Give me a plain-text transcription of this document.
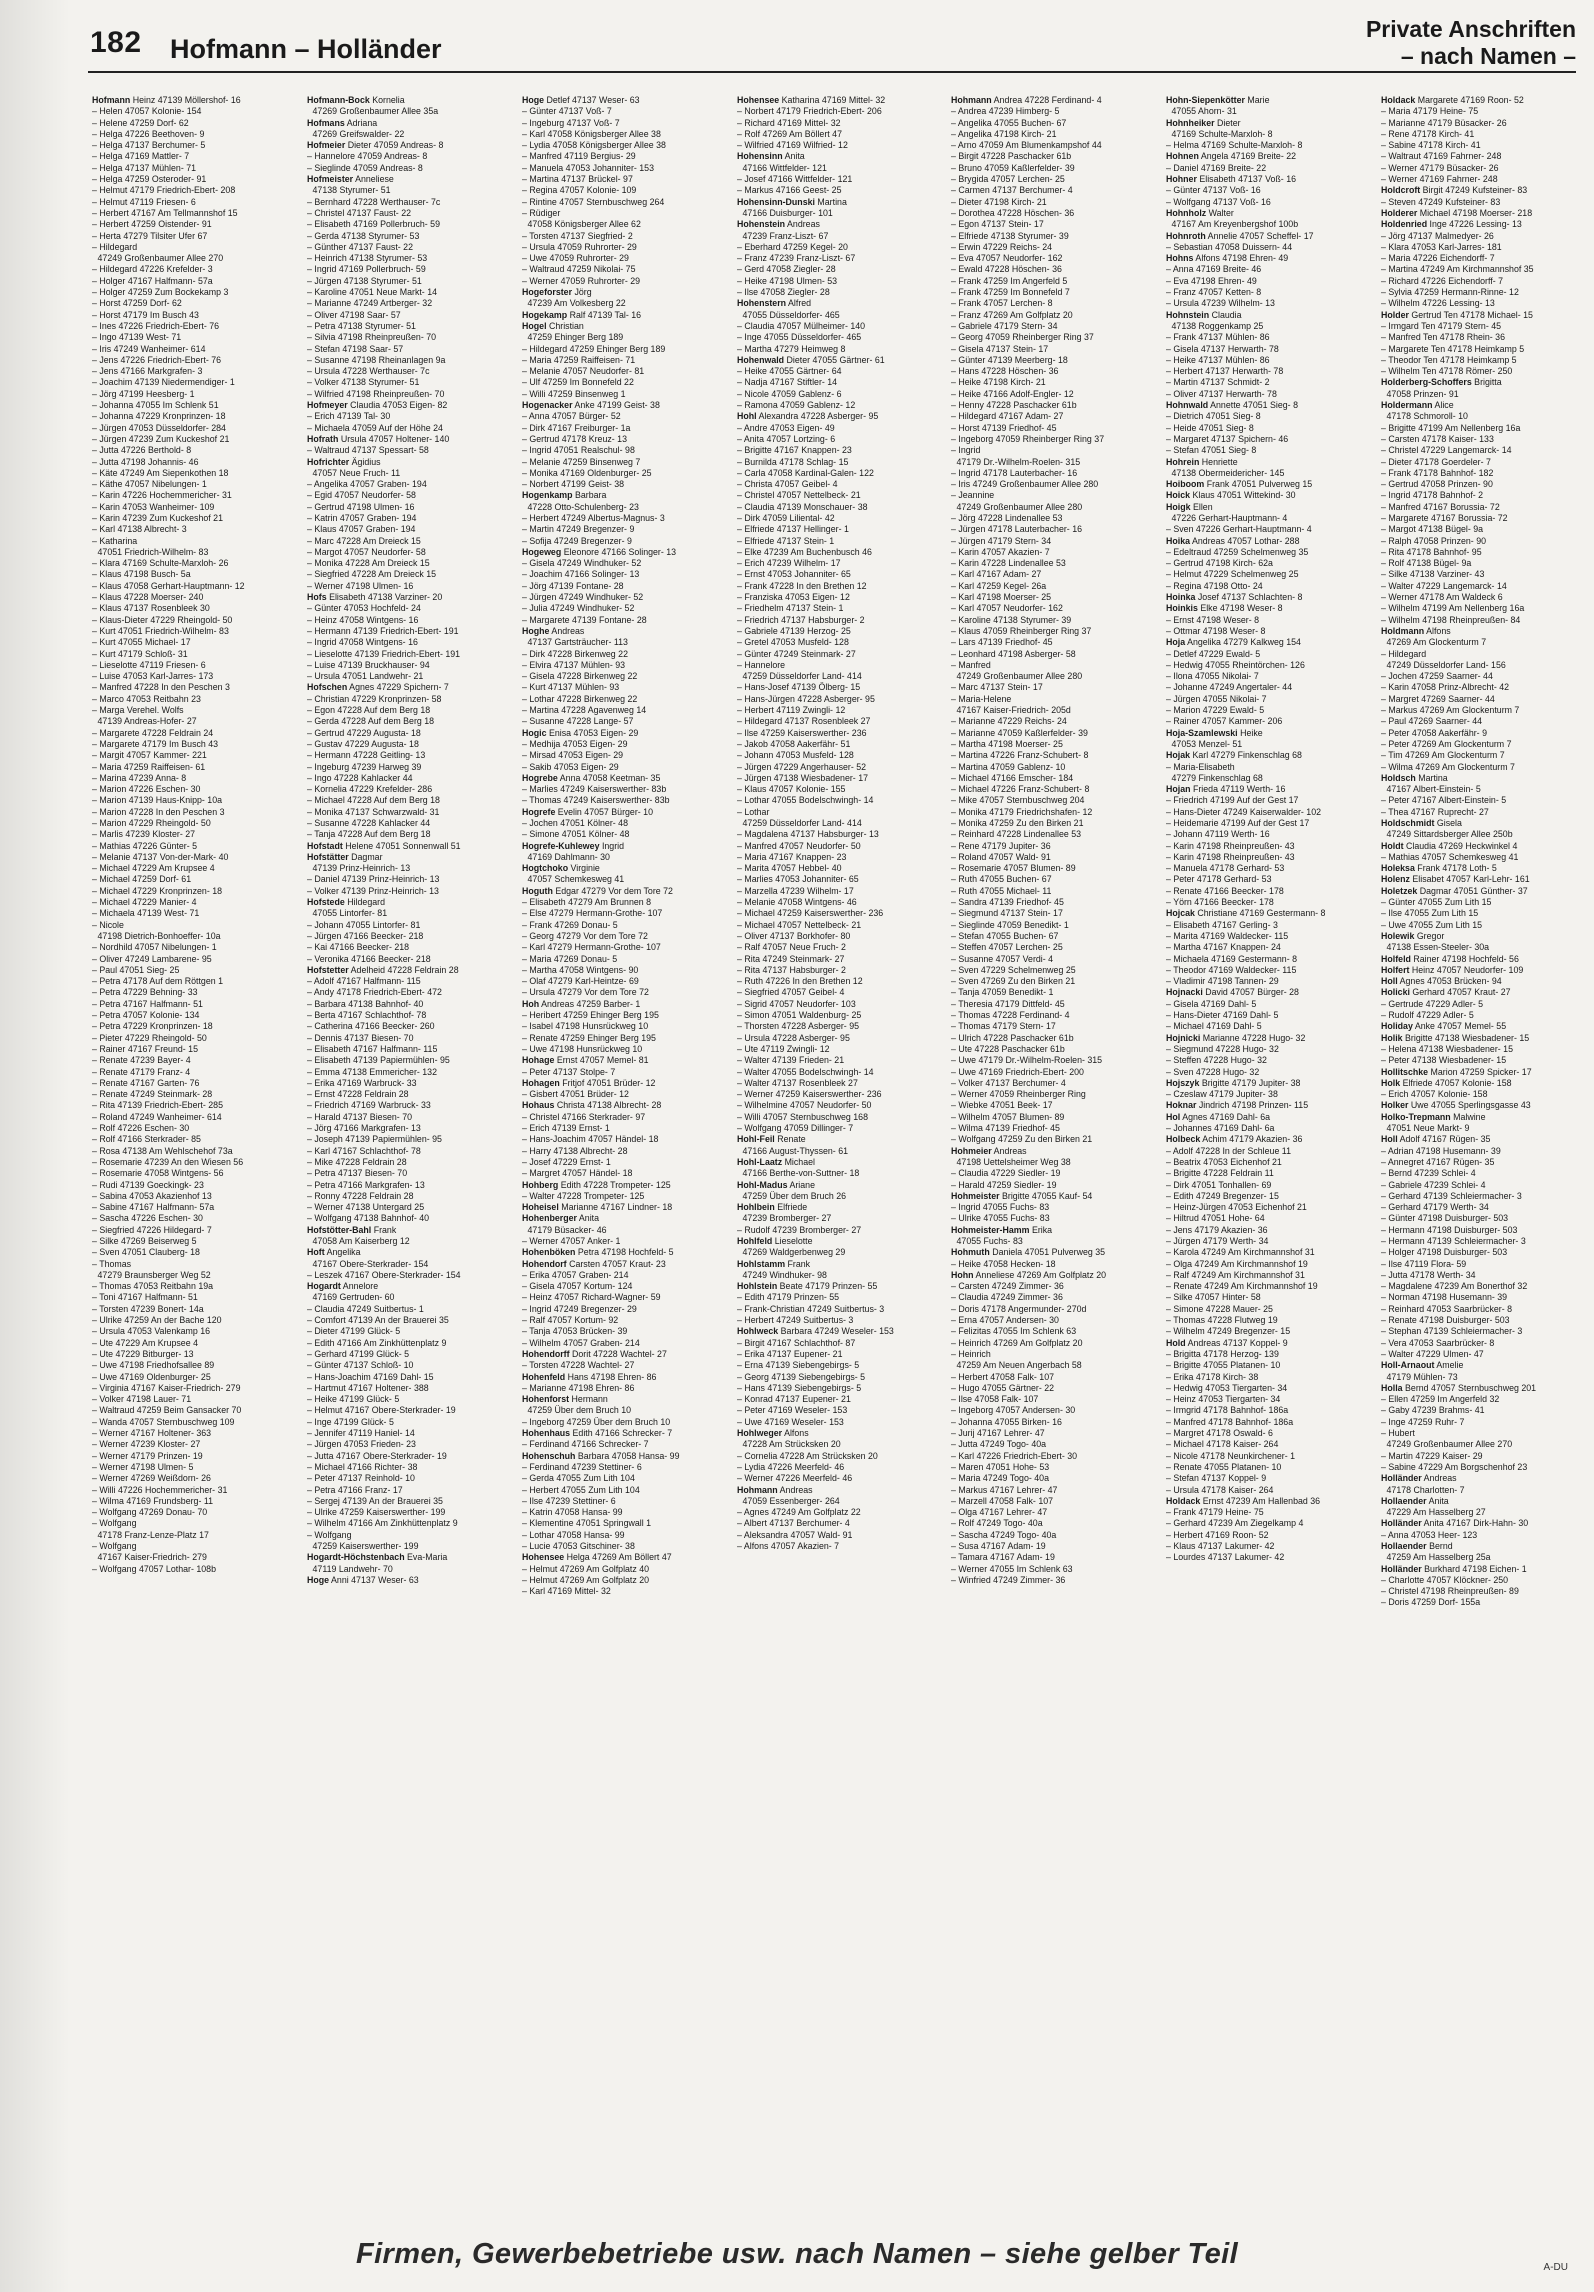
182 Hofmann – Holländer
Private Anschriften
– nach Namen –
Hofmann Heinz 47139 Möllershof- 16
– Helen 47057 Kolonie- 154
– Helene 47259 Dorf- 62
– Helga 47226 Beethoven- 9
– Helga 47137 Berchumer- 5
– Helga 47169 Mattler- 7
– Helga 47137 Mühlen- 71
– Helga 47259 Osteroder- 91
– Helmut 47179 Friedrich-Ebert- 208
– Helmut 47119 Friesen- 6
– Herbert 47167 Am Tellmannshof 15
– Herbert 47259 Oistender- 91
– Herta 47279 Tilsiter Ufer 67
– Hildegard
47249 Großenbaumer Allee 270
– Hildegard 47226 Krefelder- 3
– Holger 47167 Halfmann- 57a
– Holger 47259 Zum Bockekamp 3
– Horst 47259 Dorf- 62
– Horst 47179 Im Busch 43
– Ines 47226 Friedrich-Ebert- 76
– Ingo 47139 West- 71
– Iris 47249 Wanheimer- 614
– Jens 47226 Friedrich-Ebert- 76
– Jens 47166 Markgrafen- 3
– Joachim 47139 Niedermendiger- 1
– Jörg 47199 Heesberg- 1
– Johanna 47055 Im Schlenk 51
– Johanna 47229 Kronprinzen- 18
– Jürgen 47053 Düsseldorfer- 284
– Jürgen 47239 Zum Kuckeshof 21
– Jutta 47226 Berthold- 8
– Jutta 47198 Johannis- 46
– Käte 47249 Am Siepenkothen 18
– Käthe 47057 Nibelungen- 1
– Karin 47226 Hochemmericher- 31
– Karin 47053 Wanheimer- 109
– Karin 47239 Zum Kuckeshof 21
– Karl 47138 Albrecht- 3
– Katharina
47051 Friedrich-Wilhelm- 83
– Klara 47169 Schulte-Marxloh- 26
– Klaus 47198 Busch- 5a
– Klaus 47058 Gerhart-Hauptmann- 12
– Klaus 47228 Moerser- 240
– Klaus 47137 Rosenbleek 30
– Klaus-Dieter 47229 Rheingold- 50
– Kurt 47051 Friedrich-Wilhelm- 83
– Kurt 47055 Michael- 17
– Kurt 47179 Schloß- 31
– Lieselotte 47119 Friesen- 6
– Luise 47053 Karl-Jarres- 173
– Manfred 47228 In den Peschen 3
– Marco 47053 Reitbahn 23
– Marga Verehel. Wolfs
47139 Andreas-Hofer- 27
– Margarete 47228 Feldrain 24
– Margarete 47179 Im Busch 43
– Margit 47057 Kammer- 221
– Maria 47259 Raiffeisen- 61
– Marina 47239 Anna- 8
– Marion 47226 Eschen- 30
– Marion 47139 Haus-Knipp- 10a
– Marion 47228 In den Peschen 3
– Marion 47229 Rheingold- 50
– Marlis 47239 Kloster- 27
– Mathias 47226 Günter- 5
– Melanie 47137 Von-der-Mark- 40
– Michael 47229 Am Krupsee 4
– Michael 47259 Dorf- 61
– Michael 47229 Kronprinzen- 18
– Michael 47229 Manier- 4
– Michaela 47139 West- 71
– Nicole
47198 Dietrich-Bonhoeffer- 10a
– Nordhild 47057 Nibelungen- 1
– Oliver 47249 Lambarene- 95
– Paul 47051 Sieg- 25
– Petra 47178 Auf dem Röttgen 1
– Petra 47229 Behning- 33
– Petra 47167 Halfmann- 51
– Petra 47057 Kolonie- 134
– Petra 47229 Kronprinzen- 18
– Pieter 47229 Rheingold- 50
– Rainer 47167 Freund- 15
– Renate 47239 Bayer- 4
– Renate 47179 Franz- 4
– Renate 47167 Garten- 76
– Renate 47249 Steinmark- 28
– Rita 47139 Friedrich-Ebert- 285
– Roland 47249 Wanheimer- 614
– Rolf 47226 Eschen- 30
– Rolf 47166 Sterkrader- 85
– Rosa 47138 Am Wehlschehof 73a
– Rosemarie 47239 An den Wiesen 56
– Rosemarie 47058 Wintgens- 56
– Rudi 47139 Goeckingk- 23
– Sabina 47053 Akazienhof 13
– Sabine 47167 Halfmann- 57a
– Sascha 47226 Eschen- 30
– Siegfried 47226 Hildegard- 7
– Silke 47269 Beiserweg 5
– Sven 47051 Clauberg- 18
– Thomas
47279 Braunsberger Weg 52
– Thomas 47053 Reitbahn 19a
– Toni 47167 Halfmann- 51
– Torsten 47239 Bonert- 14a
– Ulrike 47259 An der Bache 120
– Ursula 47053 Valenkamp 16
– Ute 47229 Am Krupsee 4
– Ute 47229 Bitburger- 13
– Uwe 47198 Friedhofsallee 89
– Uwe 47169 Oldenburger- 25
– Virginia 47167 Kaiser-Friedrich- 279
– Volker 47198 Lauer- 71
– Waltraud 47259 Beim Gansacker 70
– Wanda 47057 Sternbuschweg 109
– Werner 47167 Holtener- 363
– Werner 47239 Kloster- 27
– Werner 47179 Prinzen- 19
– Werner 47198 Ulmen- 5
– Werner 47269 Weißdorn- 26
– Willi 47226 Hochemmericher- 31
– Wilma 47169 Frundsberg- 11
– Wolfgang 47269 Donau- 70
– Wolfgang
47178 Franz-Lenze-Platz 17
– Wolfgang
47167 Kaiser-Friedrich- 279
– Wolfgang 47057 Lothar- 108b
Hofmann-Bock Kornelia
47269 Großenbaumer Allee 35a
Hofmans Adriana
47269 Greifswalder- 22
Hofmeier Dieter 47059 Andreas- 8
– Hannelore 47059 Andreas- 8
– Sieglinde 47059 Andreas- 8
Hofmeister Anneliese
47138 Styrumer- 51
– Bernhard 47228 Werthauser- 7c
– Christel 47137 Faust- 22
– Elisabeth 47169 Pollerbruch- 59
– Gerda 47138 Styrumer- 53
– Günther 47137 Faust- 22
– Heinrich 47138 Styrumer- 53
– Ingrid 47169 Pollerbruch- 59
– Jürgen 47138 Styrumer- 51
– Karoline 47051 Neue Markt- 14
– Marianne 47249 Artberger- 32
– Oliver 47198 Saar- 57
– Petra 47138 Styrumer- 51
– Silvia 47198 Rheinpreußen- 70
– Stefan 47198 Saar- 57
– Susanne 47198 Rheinanlagen 9a
– Ursula 47228 Werthauser- 7c
– Volker 47138 Styrumer- 51
– Wilfried 47198 Rheinpreußen- 70
Hofmeyer Claudia 47053 Eigen- 82
– Erich 47139 Tal- 30
– Michaela 47059 Auf der Höhe 24
Hofrath Ursula 47057 Holtener- 140
– Waltraud 47137 Spessart- 58
Hofrichter Ägidius
47057 Neue Fruch- 11
– Angelika 47057 Graben- 194
– Egid 47057 Neudorfer- 58
– Gertrud 47198 Ulmen- 16
– Katrin 47057 Graben- 194
– Klaus 47057 Graben- 194
– Marc 47228 Am Dreieck 15
– Margot 47057 Neudorfer- 58
– Monika 47228 Am Dreieck 15
– Siegfried 47228 Am Dreieck 15
– Werner 47198 Ulmen- 16
Hofs Elisabeth 47138 Varziner- 20
– Günter 47053 Hochfeld- 24
– Heinz 47058 Wintgens- 16
– Hermann 47139 Friedrich-Ebert- 191
– Ingrid 47058 Wintgens- 16
– Lieselotte 47139 Friedrich-Ebert- 191
– Luise 47139 Bruckhauser- 94
– Ursula 47051 Landwehr- 21
Hofschen Agnes 47229 Spichern- 7
– Christian 47229 Kronprinzen- 58
– Egon 47228 Auf dem Berg 18
– Gerda 47228 Auf dem Berg 18
– Gertrud 47229 Augusta- 18
– Gustav 47229 Augusta- 18
– Hermann 47228 Geitling- 13
– Ingeburg 47239 Harweg 39
– Ingo 47228 Kahlacker 44
– Kornelia 47229 Krefelder- 286
– Michael 47228 Auf dem Berg 18
– Monika 47137 Schwarzwald- 31
– Susanne 47228 Kahlacker 44
– Tanja 47228 Auf dem Berg 18
Hofstadt Helene 47051 Sonnenwall 51
Hofstätter Dagmar
47139 Prinz-Heinrich- 13
– Daniel 47139 Prinz-Heinrich- 13
– Volker 47139 Prinz-Heinrich- 13
Hofstede Hildegard
47055 Lintorfer- 81
– Johann 47055 Lintorfer- 81
– Jürgen 47166 Beecker- 218
– Kai 47166 Beecker- 218
– Veronika 47166 Beecker- 218
Hofstetter Adelheid 47228 Feldrain 28
– Adolf 47167 Halfmann- 115
– Andy 47178 Friedrich-Ebert- 472
– Barbara 47138 Bahnhof- 40
– Berta 47167 Schlachthof- 78
– Catherina 47166 Beecker- 260
– Dennis 47137 Biesen- 70
– Elisabeth 47167 Halfmann- 115
– Elisabeth 47139 Papiermühlen- 95
– Emma 47138 Emmericher- 132
– Erika 47169 Warbruck- 33
– Ernst 47228 Feldrain 28
– Friedrich 47169 Warbruck- 33
– Harald 47137 Biesen- 70
– Jörg 47166 Markgrafen- 13
– Joseph 47139 Papiermühlen- 95
– Karl 47167 Schlachthof- 78
– Mike 47228 Feldrain 28
– Petra 47137 Biesen- 70
– Petra 47166 Markgrafen- 13
– Ronny 47228 Feldrain 28
– Werner 47138 Untergard 25
– Wolfgang 47138 Bahnhof- 40
Hofstötter-Bahl Frank
47058 Am Kaiserberg 12
Hoft Angelika
47167 Obere-Sterkrader- 154
– Leszek 47167 Obere-Sterkrader- 154
Hogardt Annelore
47169 Gertruden- 60
– Claudia 47249 Suitbertus- 1
– Comfort 47139 An der Brauerei 35
– Dieter 47199 Glück- 5
– Edith 47166 Am Zinkhüttenplatz 9
– Gerhard 47199 Glück- 5
– Günter 47137 Schloß- 10
– Hans-Joachim 47169 Dahl- 15
– Hartmut 47167 Holtener- 388
– Heike 47199 Glück- 5
– Helmut 47167 Obere-Sterkrader- 19
– Inge 47199 Glück- 5
– Jennifer 47119 Haniel- 14
– Jürgen 47053 Frieden- 23
– Jutta 47167 Obere-Sterkrader- 19
– Michael 47166 Richter- 38
– Peter 47137 Reinhold- 10
– Petra 47166 Franz- 17
– Sergej 47139 An der Brauerei 35
– Ulrike 47259 Kaiserswerther- 199
– Wilhelm 47166 Am Zinkhüttenplatz 9
– Wolfgang
47259 Kaiserswerther- 199
Hogardt-Höchstenbach Eva-Maria
47119 Landwehr- 70
Hoge Anni 47137 Weser- 63
Hoge Detlef 47137 Weser- 63
– Günter 47137 Voß- 7
– Ingeburg 47137 Voß- 7
– Karl 47058 Königsberger Allee 38
– Lydia 47058 Königsberger Allee 38
– Manfred 47119 Bergius- 29
– Manuela 47053 Johanniter- 153
– Martina 47137 Brückel- 97
– Regina 47057 Kolonie- 109
– Rintine 47057 Sternbuschweg 264
– Rüdiger
47058 Königsberger Allee 62
– Torsten 47137 Siegfried- 2
– Ursula 47059 Ruhrorter- 29
– Uwe 47059 Ruhrorter- 29
– Waltraud 47259 Nikolai- 75
– Werner 47059 Ruhrorter- 29
Hogeforster Jörg
47239 Am Volkesberg 22
Hogekamp Ralf 47139 Tal- 16
Hogel Christian
47259 Ehinger Berg 189
– Hildegard 47259 Ehinger Berg 189
– Maria 47259 Raiffeisen- 71
– Melanie 47057 Neudorfer- 81
– Ulf 47259 Im Bonnefeld 22
– Willi 47259 Binsenweg 1
Hogenacker Anke 47199 Geist- 38
– Anna 47057 Bürger- 52
– Dirk 47167 Freiburger- 1a
– Gertrud 47178 Kreuz- 13
– Ingrid 47051 Realschul- 98
– Melanie 47259 Binsenweg 7
– Monika 47169 Oldenburger- 25
– Norbert 47199 Geist- 38
Hogenkamp Barbara
47228 Otto-Schulenberg- 23
– Herbert 47249 Albertus-Magnus- 3
– Martin 47249 Bregenzer- 9
– Sofija 47249 Bregenzer- 9
Hogeweg Eleonore 47166 Solinger- 13
– Gisela 47249 Windhuker- 52
– Joachim 47166 Solinger- 13
– Jörg 47139 Fontane- 28
– Jürgen 47249 Windhuker- 52
– Julia 47249 Windhuker- 52
– Margarete 47139 Fontane- 28
Hoghe Andreas
47137 Gartsträucher- 113
– Dirk 47228 Birkenweg 22
– Elvira 47137 Mühlen- 93
– Gisela 47228 Birkenweg 22
– Kurt 47137 Mühlen- 93
– Lothar 47228 Birkenweg 22
– Martina 47228 Agavenweg 14
– Susanne 47228 Lange- 57
Hogic Enisa 47053 Eigen- 29
– Medhija 47053 Eigen- 29
– Mirsad 47053 Eigen- 29
– Sakib 47053 Eigen- 29
Hogrebe Anna 47058 Keetman- 35
– Marlies 47249 Kaiserswerther- 83b
– Thomas 47249 Kaiserswerther- 83b
Hogrefe Evelin 47057 Bürger- 10
– Jochen 47051 Kölner- 48
– Simone 47051 Kölner- 48
Hogrefe-Kuhlewey Ingrid
47169 Dahlmann- 30
Hogtchoko Virginie
47057 Schemkesweg 41
Hoguth Edgar 47279 Vor dem Tore 72
– Elisabeth 47279 Am Brunnen 8
– Else 47279 Hermann-Grothe- 107
– Frank 47269 Donau- 5
– Georg 47279 Vor dem Tore 72
– Karl 47279 Hermann-Grothe- 107
– Maria 47269 Donau- 5
– Martha 47058 Wintgens- 90
– Olaf 47279 Karl-Heintze- 69
– Ursula 47279 Vor dem Tore 72
Hoh Andreas 47259 Barber- 1
– Heribert 47259 Ehinger Berg 195
– Isabel 47198 Hunsrückweg 10
– Renate 47259 Ehinger Berg 195
– Uwe 47198 Hunsrückweg 10
Hohage Ernst 47057 Memel- 81
– Peter 47137 Stolpe- 7
Hohagen Fritjof 47051 Brüder- 12
– Gisbert 47051 Brüder- 12
Hohaus Christa 47138 Albrecht- 28
– Christel 47166 Sterkrader- 97
– Erich 47139 Ernst- 1
– Hans-Joachim 47057 Händel- 18
– Harry 47138 Albrecht- 28
– Josef 47229 Ernst- 1
– Margret 47057 Händel- 18
Hohberg Edith 47228 Trompeter- 125
– Walter 47228 Trompeter- 125
Hoheisel Marianne 47167 Lindner- 18
Hohenberger Anita
47179 Büsacker- 46
– Werner 47057 Anker- 1
Hohenböken Petra 47198 Hochfeld- 5
Hohendorf Carsten 47057 Kraut- 23
– Erika 47057 Graben- 214
– Gisela 47057 Kortum- 124
– Heinz 47057 Richard-Wagner- 59
– Ingrid 47249 Bregenzer- 29
– Ralf 47057 Kortum- 92
– Tanja 47053 Brücken- 39
– Wilhelm 47057 Graben- 214
Hohendorff Dorit 47228 Wachtel- 27
– Torsten 47228 Wachtel- 27
Hohenfeld Hans 47198 Ehren- 86
– Marianne 47198 Ehren- 86
Hohenforst Hermann
47259 Über dem Bruch 10
– Ingeborg 47259 Über dem Bruch 10
Hohenhaus Edith 47166 Schrecker- 7
– Ferdinand 47166 Schrecker- 7
Hohenschuh Barbara 47058 Hansa- 99
– Ferdinand 47239 Stettiner- 6
– Gerda 47055 Zum Lith 104
– Herbert 47055 Zum Lith 104
– Ilse 47239 Stettiner- 6
– Katrin 47058 Hansa- 99
– Klementine 47051 Springwall 1
– Lothar 47058 Hansa- 99
– Lucie 47053 Gitschiner- 38
Hohensee Helga 47269 Am Böllert 47
– Helmut 47269 Am Golfplatz 40
– Helmut 47269 Am Golfplatz 20
– Karl 47169 Mittel- 32
Hohensee Katharina 47169 Mittel- 32
– Norbert 47179 Friedrich-Ebert- 206
– Richard 47169 Mittel- 32
– Rolf 47269 Am Böllert 47
– Wilfried 47169 Wilfried- 12
Hohensinn Anita
47166 Wittfelder- 121
– Josef 47166 Wittfelder- 121
– Markus 47166 Geest- 25
Hohensinn-Dunski Martina
47166 Duisburger- 101
Hohenstein Andreas
47239 Franz-Liszt- 67
– Eberhard 47259 Kegel- 20
– Franz 47239 Franz-Liszt- 67
– Gerd 47058 Ziegler- 28
– Heike 47198 Ulmen- 53
– Ilse 47058 Ziegler- 28
Hohenstern Alfred
47055 Düsseldorfer- 465
– Claudia 47057 Mülheimer- 140
– Inge 47055 Düsseldorfer- 465
– Martha 47279 Heimweg 8
Hohenwald Dieter 47055 Gärtner- 61
– Heike 47055 Gärtner- 64
– Nadja 47167 Stiftler- 14
– Nicole 47059 Gablenz- 6
– Ramona 47059 Gablenz- 12
Hohl Alexandra 47228 Asberger- 95
– Andre 47053 Eigen- 49
– Anita 47057 Lortzing- 6
– Brigitte 47167 Knappen- 23
– Burnilda 47178 Schlag- 15
– Carla 47058 Kardinal-Galen- 122
– Christa 47057 Geibel- 4
– Christel 47057 Nettelbeck- 21
– Claudia 47139 Monschauer- 38
– Dirk 47059 Liliental- 42
– Elfriede 47137 Hellinger- 1
– Elfriede 47137 Stein- 1
– Elke 47239 Am Buchenbusch 46
– Erich 47239 Wilhelm- 17
– Ernst 47053 Johanniter- 65
– Frank 47228 In den Brethen 12
– Franziska 47053 Eigen- 12
– Friedhelm 47137 Stein- 1
– Friedrich 47137 Habsburger- 2
– Gabriele 47139 Herzog- 25
– Gretel 47053 Musfeld- 128
– Günter 47249 Steinmark- 27
– Hannelore
47259 Düsseldorfer Land- 414
– Hans-Josef 47139 Ölberg- 15
– Hans-Jürgen 47228 Asberger- 95
– Herbert 47119 Zwingli- 12
– Hildegard 47137 Rosenbleek 27
– Ilse 47259 Kaiserswerther- 236
– Jakob 47058 Aakerfähr- 51
– Johann 47053 Musfeld- 128
– Jürgen 47229 Angerhauser- 52
– Jürgen 47138 Wiesbadener- 17
– Klaus 47057 Kolonie- 155
– Lothar 47055 Bodelschwingh- 14
– Lothar
47259 Düsseldorfer Land- 414
– Magdalena 47137 Habsburger- 13
– Manfred 47057 Neudorfer- 50
– Maria 47167 Knappen- 23
– Marita 47057 Hebbel- 40
– Marlies 47053 Johanniter- 65
– Marzella 47239 Wilhelm- 17
– Melanie 47058 Wintgens- 46
– Michael 47259 Kaiserswerther- 236
– Michael 47057 Nettelbeck- 21
– Oliver 47137 Borkhofer- 80
– Ralf 47057 Neue Fruch- 2
– Rita 47249 Steinmark- 27
– Rita 47137 Habsburger- 2
– Ruth 47226 In den Brethen 12
– Siegfried 47057 Geibel- 4
– Sigrid 47057 Neudorfer- 103
– Simon 47051 Waldenburg- 25
– Thorsten 47228 Asberger- 95
– Ursula 47228 Asberger- 95
– Ute 47119 Zwingli- 12
– Walter 47139 Frieden- 21
– Walter 47055 Bodelschwingh- 14
– Walter 47137 Rosenbleek 27
– Werner 47259 Kaiserswerther- 236
– Wilhelmine 47057 Neudorfer- 50
– Willi 47057 Sternbuschweg 168
– Wolfgang 47059 Dillinger- 7
Hohl-Feil Renate
47166 August-Thyssen- 61
Hohl-Laatz Michael
47166 Berthe-von-Suttner- 18
Hohl-Madus Ariane
47259 Über dem Bruch 26
Hohlbein Elfriede
47239 Bromberger- 27
– Rudolf 47239 Bromberger- 27
Hohlfeld Lieselotte
47269 Waldgerbenweg 29
Hohlstamm Frank
47249 Windhuker- 98
Hohlstein Beate 47179 Prinzen- 55
– Edith 47179 Prinzen- 55
– Frank-Christian 47249 Suitbertus- 3
– Herbert 47249 Suitbertus- 3
Hohlweck Barbara 47249 Weseler- 153
– Birgit 47167 Schlachthof- 87
– Erika 47137 Eupener- 21
– Erna 47139 Siebengebirgs- 5
– Georg 47139 Siebengebirgs- 5
– Hans 47139 Siebengebirgs- 5
– Konrad 47137 Eupener- 21
– Peter 47169 Weseler- 153
– Uwe 47169 Weseler- 153
Hohlweger Alfons
47228 Am Strücksken 20
– Cornelia 47228 Am Strücksken 20
– Lydia 47226 Meerfeld- 46
– Werner 47226 Meerfeld- 46
Hohmann Andreas
47059 Essenberger- 264
– Agnes 47249 Am Golfplatz 22
– Albert 47137 Berchumer- 4
– Aleksandra 47057 Wald- 91
– Alfons 47057 Akazien- 7
Hohmann Andrea 47228 Ferdinand- 4
– Andrea 47239 Himberg- 5
– Angelika 47055 Buchen- 67
– Angelika 47198 Kirch- 21
– Arno 47059 Am Blumenkampshof 44
– Birgit 47228 Paschacker 61b
– Bruno 47059 Kaßlerfelder- 39
– Brygida 47057 Lerchen- 25
– Carmen 47137 Berchumer- 4
– Dieter 47198 Kirch- 21
– Dorothea 47228 Höschen- 36
– Egon 47137 Stein- 17
– Elfriede 47138 Styrumer- 39
– Erwin 47229 Reichs- 24
– Eva 47057 Neudorfer- 162
– Ewald 47228 Höschen- 36
– Frank 47259 Im Angerfeld 5
– Frank 47259 Im Bonnefeld 7
– Frank 47057 Lerchen- 8
– Franz 47269 Am Golfplatz 20
– Gabriele 47179 Stern- 34
– Georg 47059 Rheinberger Ring 37
– Gisela 47137 Stein- 17
– Günter 47139 Meerberg- 18
– Hans 47228 Höschen- 36
– Heike 47198 Kirch- 21
– Heike 47166 Adolf-Engler- 12
– Henny 47228 Paschacker 61b
– Hildegard 47167 Adam- 27
– Horst 47139 Friedhof- 45
– Ingeborg 47059 Rheinberger Ring 37
– Ingrid
47179 Dr.-Wilhelm-Roelen- 315
– Ingrid 47178 Lauterbacher- 16
– Iris 47249 Großenbaumer Allee 280
– Jeannine
47249 Großenbaumer Allee 280
– Jörg 47228 Lindenallee 53
– Jürgen 47178 Lauterbacher- 16
– Jürgen 47179 Stern- 34
– Karin 47057 Akazien- 7
– Karin 47228 Lindenallee 53
– Karl 47167 Adam- 27
– Karl 47259 Kegel- 26a
– Karl 47198 Moerser- 25
– Karl 47057 Neudorfer- 162
– Karoline 47138 Styrumer- 39
– Klaus 47059 Rheinberger Ring 37
– Lars 47139 Friedhof- 45
– Leonhard 47198 Asberger- 58
– Manfred
47249 Großenbaumer Allee 280
– Marc 47137 Stein- 17
– Maria-Helene
47167 Kaiser-Friedrich- 205d
– Marianne 47229 Reichs- 24
– Marianne 47059 Kaßlerfelder- 39
– Martha 47198 Moerser- 25
– Martina 47226 Franz-Schubert- 8
– Martina 47059 Gablenz- 10
– Michael 47166 Emscher- 184
– Michael 47226 Franz-Schubert- 8
– Mike 47057 Sternbuschweg 204
– Monika 47179 Friedrichshafen- 12
– Monika 47259 Zu den Birken 21
– Reinhard 47228 Lindenallee 53
– Rene 47179 Jupiter- 36
– Roland 47057 Wald- 91
– Rosemarie 47057 Blumen- 89
– Ruth 47055 Buchen- 67
– Ruth 47055 Michael- 11
– Sandra 47139 Friedhof- 45
– Siegmund 47137 Stein- 17
– Sieglinde 47059 Benedikt- 1
– Stefan 47055 Buchen- 67
– Steffen 47057 Lerchen- 25
– Susanne 47057 Verdi- 4
– Sven 47229 Schelmenweg 25
– Sven 47269 Zu den Birken 21
– Tanja 47059 Benedikt- 1
– Theresia 47179 Dittfeld- 45
– Thomas 47228 Ferdinand- 4
– Thomas 47179 Stern- 17
– Ulrich 47228 Paschacker 61b
– Ute 47228 Paschacker 61b
– Uwe 47179 Dr.-Wilhelm-Roelen- 315
– Uwe 47169 Friedrich-Ebert- 200
– Volker 47137 Berchumer- 4
– Werner 47059 Rheinberger Ring
– Wiebke 47051 Beek- 17
– Wilhelm 47057 Blumen- 89
– Wilma 47139 Friedhof- 45
– Wolfgang 47259 Zu den Birken 21
Hohmeier Andreas
47198 Uettelsheimer Weg 38
– Claudia 47229 Siedler- 19
– Harald 47259 Siedler- 19
Hohmeister Brigitte 47055 Kauf- 54
– Ingrid 47055 Fuchs- 83
– Ulrike 47055 Fuchs- 83
Hohmeister-Hamm Erika
47055 Fuchs- 83
Hohmuth Daniela 47051 Pulverweg 35
– Heike 47058 Hecken- 18
Hohn Anneliese 47269 Am Golfplatz 20
– Carsten 47249 Zimmer- 36
– Claudia 47249 Zimmer- 36
– Doris 47178 Angermunder- 270d
– Erna 47057 Andersen- 30
– Felizitas 47055 Im Schlenk 63
– Heinrich 47269 Am Golfplatz 20
– Heinrich
47259 Am Neuen Angerbach 58
– Herbert 47058 Falk- 107
– Hugo 47055 Gärtner- 22
– Ilse 47058 Falk- 107
– Ingeborg 47057 Andersen- 30
– Johanna 47055 Birken- 16
– Jurij 47167 Lehrer- 47
– Jutta 47249 Togo- 40a
– Karl 47226 Friedrich-Ebert- 30
– Maren 47051 Hohe- 53
– Maria 47249 Togo- 40a
– Markus 47167 Lehrer- 47
– Marzell 47058 Falk- 107
– Olga 47167 Lehrer- 47
– Rolf 47249 Togo- 40a
– Sascha 47249 Togo- 40a
– Susa 47167 Adam- 19
– Tamara 47167 Adam- 19
– Werner 47055 Im Schlenk 63
– Winfried 47249 Zimmer- 36
Hohn-Siepenkötter Marie
47055 Ahorn- 31
Hohnheiker Dieter
47169 Schulte-Marxloh- 8
– Helma 47169 Schulte-Marxloh- 8
Hohnen Angela 47169 Breite- 22
– Daniel 47169 Breite- 22
Hohner Elisabeth 47137 Voß- 16
– Günter 47137 Voß- 16
– Wolfgang 47137 Voß- 16
Hohnholz Walter
47167 Am Kreyenbergshof 100b
Hohnroth Annelie 47057 Scheffel- 17
– Sebastian 47058 Duissern- 44
Hohns Alfons 47198 Ehren- 49
– Anna 47169 Breite- 46
– Eva 47198 Ehren- 49
– Franz 47057 Ketten- 8
– Ursula 47239 Wilhelm- 13
Hohnstein Claudia
47138 Roggenkamp 25
– Frank 47137 Mühlen- 86
– Gisela 47137 Herwarth- 78
– Heike 47137 Mühlen- 86
– Herbert 47137 Herwarth- 78
– Martin 47137 Schmidt- 2
– Oliver 47137 Herwarth- 78
Hohnwald Annette 47051 Sieg- 8
– Dietrich 47051 Sieg- 8
– Heide 47051 Sieg- 8
– Margaret 47137 Spichern- 46
– Stefan 47051 Sieg- 8
Hohrein Henriette
47138 Obermeidericher- 145
Hoiboom Frank 47051 Pulverweg 15
Hoick Klaus 47051 Wittekind- 30
Hoigk Ellen
47226 Gerhart-Hauptmann- 4
– Sven 47226 Gerhart-Hauptmann- 4
Hoika Andreas 47057 Lothar- 288
– Edeltraud 47259 Schelmenweg 35
– Gertrud 47198 Kirch- 62a
– Helmut 47229 Schelmenweg 25
– Regina 47198 Otto- 24
Hoinka Josef 47137 Schlachten- 8
Hoinkis Elke 47198 Weser- 8
– Ernst 47198 Weser- 8
– Ottmar 47198 Weser- 8
Hoja Angelika 47279 Kalkweg 154
– Detlef 47229 Ewald- 5
– Hedwig 47055 Rheintörchen- 126
– Ilona 47055 Nikolai- 7
– Johanne 47249 Angertaler- 44
– Jürgen 47055 Nikolai- 7
– Marion 47229 Ewald- 5
– Rainer 47057 Kammer- 206
Hoja-Szamlewski Heike
47053 Menzel- 51
Hojak Karl 47279 Finkenschlag 68
– Maria-Elisabeth
47279 Finkenschlag 68
Hojan Frieda 47119 Werth- 16
– Friedrich 47199 Auf der Gest 17
– Hans-Dieter 47249 Kaiserwalder- 102
– Heidemarie 47199 Auf der Gest 17
– Johann 47119 Werth- 16
– Karin 47198 Rheinpreußen- 43
– Karin 47198 Rheinpreußen- 43
– Manuela 47178 Gerhard- 53
– Peter 47178 Gerhard- 53
– Renate 47166 Beecker- 178
– Yörn 47166 Beecker- 178
Hojcak Christiane 47169 Gestermann- 8
– Elisabeth 47167 Gerling- 3
– Marita 47169 Waldecker- 115
– Martha 47167 Knappen- 24
– Michaela 47169 Gestermann- 8
– Theodor 47169 Waldecker- 115
– Vladimir 47198 Tannen- 29
Hojnacki David 47057 Bürger- 28
– Gisela 47169 Dahl- 5
– Hans-Dieter 47169 Dahl- 5
– Michael 47169 Dahl- 5
Hojnicki Marianne 47228 Hugo- 32
– Siegmund 47228 Hugo- 32
– Steffen 47228 Hugo- 32
– Sven 47228 Hugo- 32
Hojszyk Brigitte 47179 Jupiter- 38
– Czeslaw 47179 Jupiter- 38
Hoknar Jindrich 47198 Prinzen- 115
Hol Agnes 47169 Dahl- 6a
– Johannes 47169 Dahl- 6a
Holbeck Achim 47179 Akazien- 36
– Adolf 47228 In der Schleue 11
– Beatrix 47053 Eichenhof 21
– Brigitte 47228 Feldrain 11
– Dirk 47051 Tonhallen- 69
– Edith 47249 Bregenzer- 15
– Heinz-Jürgen 47053 Eichenhof 21
– Hiltrud 47051 Hohe- 64
– Jens 47179 Akazien- 36
– Jürgen 47179 Werth- 34
– Karola 47249 Am Kirchmannshof 31
– Olga 47249 Am Kirchmannshof 19
– Ralf 47249 Am Kirchmannshof 31
– Renate 47249 Am Kirchmannshof 19
– Silke 47057 Hinter- 58
– Simone 47228 Mauer- 25
– Thomas 47228 Flutweg 19
– Wilhelm 47249 Bregenzer- 15
Hold Andreas 47137 Koppel- 9
– Brigitta 47178 Herzog- 139
– Brigitte 47055 Platanen- 10
– Erika 47178 Kirch- 38
– Hedwig 47053 Tiergarten- 34
– Heinz 47053 Tiergarten- 34
– Irmgrid 47178 Bahnhof- 186a
– Manfred 47178 Bahnhof- 186a
– Margret 47178 Oswald- 6
– Michael 47178 Kaiser- 264
– Nicole 47178 Neunkirchener- 1
– Renate 47055 Platanen- 10
– Stefan 47137 Koppel- 9
– Ursula 47178 Kaiser- 264
Holdack Ernst 47239 Am Hallenbad 36
– Frank 47179 Heine- 75
– Gerhard 47239 Am Ziegelkamp 4
– Herbert 47169 Roon- 52
– Klaus 47137 Lakumer- 42
– Lourdes 47137 Lakumer- 42
Holdack Margarete 47169 Roon- 52
– Maria 47179 Heine- 75
– Marianne 47179 Büsacker- 26
– Rene 47178 Kirch- 41
– Sabine 47178 Kirch- 41
– Waltraut 47169 Fahrner- 248
– Werner 47179 Büsacker- 26
– Werner 47169 Fahrner- 248
Holdcroft Birgit 47249 Kufsteiner- 83
– Steven 47249 Kufsteiner- 83
Holderer Michael 47198 Moerser- 218
Holdenried Inge 47226 Lessing- 13
– Jörg 47137 Malmedyer- 26
– Klara 47053 Karl-Jarres- 181
– Maria 47226 Eichendorff- 7
– Martina 47249 Am Kirchmannshof 35
– Richard 47226 Eichendorff- 7
– Sylvia 47259 Hermann-Rinne- 12
– Wilhelm 47226 Lessing- 13
Holder Gertrud Ten 47178 Michael- 15
– Irmgard Ten 47179 Stern- 45
– Manfred Ten 47178 Rhein- 36
– Margarete Ten 47178 Heimkamp 5
– Theodor Ten 47178 Heimkamp 5
– Wilhelm Ten 47178 Römer- 250
Holderberg-Schoffers Brigitta
47058 Prinzen- 91
Holdermann Alice
47178 Schmoroll- 10
– Brigitte 47199 Am Nellenberg 16a
– Carsten 47178 Kaiser- 133
– Christel 47229 Langemarck- 14
– Dieter 47178 Goerdeler- 7
– Frank 47178 Bahnhof- 182
– Gertrud 47058 Prinzen- 90
– Ingrid 47178 Bahnhof- 2
– Manfred 47167 Borussia- 72
– Margarete 47167 Borussia- 72
– Margot 47138 Bügel- 9a
– Ralph 47058 Prinzen- 90
– Rita 47178 Bahnhof- 95
– Rolf 47138 Bügel- 9a
– Silke 47138 Varziner- 43
– Walter 47229 Langemarck- 14
– Werner 47178 Am Waldeck 6
– Wilhelm 47199 Am Nellenberg 16a
– Wilhelm 47198 Rheinpreußen- 84
Holdmann Alfons
47269 Am Glockenturm 7
– Hildegard
47249 Düsseldorfer Land- 156
– Jochen 47259 Saarner- 44
– Karin 47058 Prinz-Albrecht- 42
– Margret 47269 Saarner- 44
– Markus 47269 Am Glockenturm 7
– Paul 47269 Saarner- 44
– Peter 47058 Aakerfähr- 9
– Peter 47269 Am Glockenturm 7
– Tim 47269 Am Glockenturm 7
– Wilma 47269 Am Glockenturm 7
Holdsch Martina
47167 Albert-Einstein- 5
– Peter 47167 Albert-Einstein- 5
– Thea 47167 Ruprecht- 27
Holdschmidt Gisela
47249 Sittardsberger Allee 250b
Holdt Claudia 47269 Heckwinkel 4
– Mathias 47057 Schemkesweg 41
Holeksa Frank 47178 Loth- 5
Holenz Elisabet 47057 Karl-Lehr- 161
Holetzek Dagmar 47051 Günther- 37
– Günter 47055 Zum Lith 15
– Ilse 47055 Zum Lith 15
– Uwe 47055 Zum Lith 15
Holewik Gregor
47138 Essen-Steeler- 30a
Holfeld Rainer 47198 Hochfeld- 56
Holfert Heinz 47057 Neudorfer- 109
Holl Agnes 47053 Brücken- 94
Holicki Gerhard 47057 Kraut- 27
– Gertrude 47229 Adler- 5
– Rudolf 47229 Adler- 5
Holiday Anke 47057 Memel- 55
Holik Brigitte 47138 Wiesbadener- 15
– Helena 47138 Wiesbadener- 15
– Peter 47138 Wiesbadener- 15
Hollitschke Marion 47259 Spicker- 17
Holk Elfriede 47057 Kolonie- 158
– Erich 47057 Kolonie- 158
Holker Uwe 47055 Sperlingsgasse 43
Holko-Trepmann Malwine
47051 Neue Markt- 9
Holl Adolf 47167 Rügen- 35
– Adrian 47198 Husemann- 39
– Annegret 47167 Rügen- 35
– Bernd 47239 Schlei- 4
– Gabriele 47239 Schlei- 4
– Gerhard 47139 Schleiermacher- 3
– Gerhard 47179 Werth- 34
– Günter 47198 Duisburger- 503
– Hermann 47198 Duisburger- 503
– Hermann 47139 Schleiermacher- 3
– Holger 47198 Duisburger- 503
– Ilse 47119 Flora- 59
– Jutta 47178 Werth- 34
– Magdalene 47239 Am Bonerthof 32
– Norman 47198 Husemann- 39
– Reinhard 47053 Saarbrücker- 8
– Renate 47198 Duisburger- 503
– Stephan 47139 Schleiermacher- 3
– Vera 47053 Saarbrücker- 8
– Walter 47229 Ulmen- 47
Holl-Arnaout Amelie
47179 Mühlen- 73
Holla Bernd 47057 Sternbuschweg 201
– Ellen 47259 Im Angerfeld 32
– Gaby 47239 Brahms- 41
– Inge 47259 Ruhr- 7
– Hubert
47249 Großenbaumer Allee 270
– Martin 47229 Kaiser- 29
– Sabine 47229 Am Borgschenhof 23
Holländer Andreas
47178 Charlotten- 7
Hollaender Anita
47229 Am Hasselberg 27
Holländer Anita 47167 Dirk-Hahn- 30
– Anna 47053 Heer- 123
Hollaender Bernd
47259 Am Hasselberg 25a
Holländer Burkhard 47198 Eichen- 1
– Charlotte 47057 Klöckner- 250
– Christel 47198 Rheinpreußen- 89
– Doris 47259 Dorf- 155a
Firmen, Gewerbebetriebe usw. nach Namen – siehe gelber Teil	A-DU
